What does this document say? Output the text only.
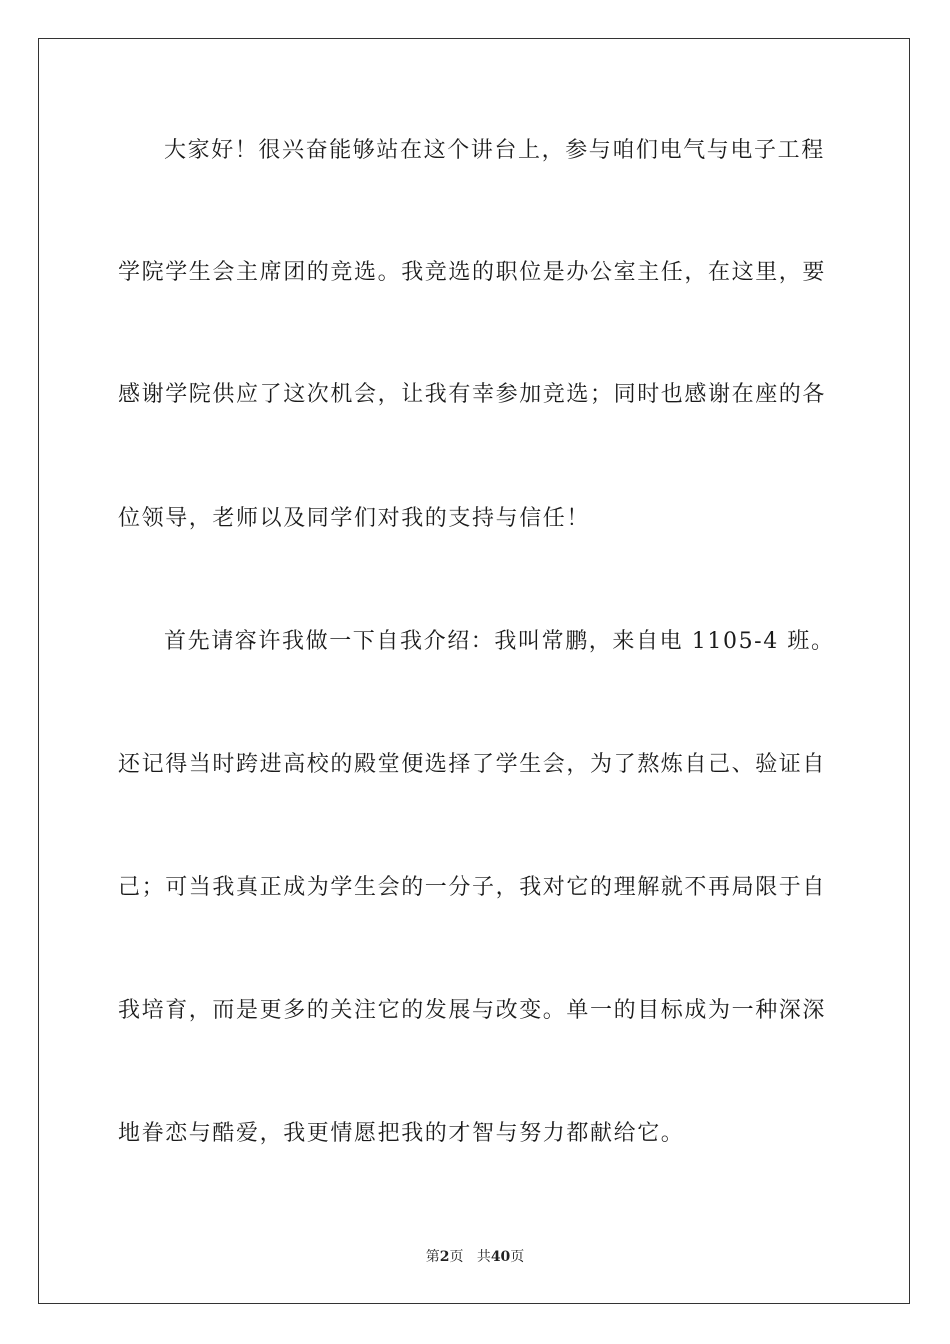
大家好！很兴奋能够站在这个讲台上，参与咱们电气与电子工程
学院学生会主席团的竞选。我竞选的职位是办公室主任，在这里，要
感谢学院供应了这次机会，让我有幸参加竞选；同时也感谢在座的各
位领导，老师以及同学们对我的支持与信任！
首先请容许我做一下自我介绍：我叫常鹏，来自电 1105-4 班。
还记得当时跨进高校的殿堂便选择了学生会，为了熬炼自己、验证自
己；可当我真正成为学生会的一分子，我对它的理解就不再局限于自
我培育，而是更多的关注它的发展与改变。单一的目标成为一种深深
地眷恋与酷爱，我更情愿把我的才智与努力都献给它。
第2页 共40页
